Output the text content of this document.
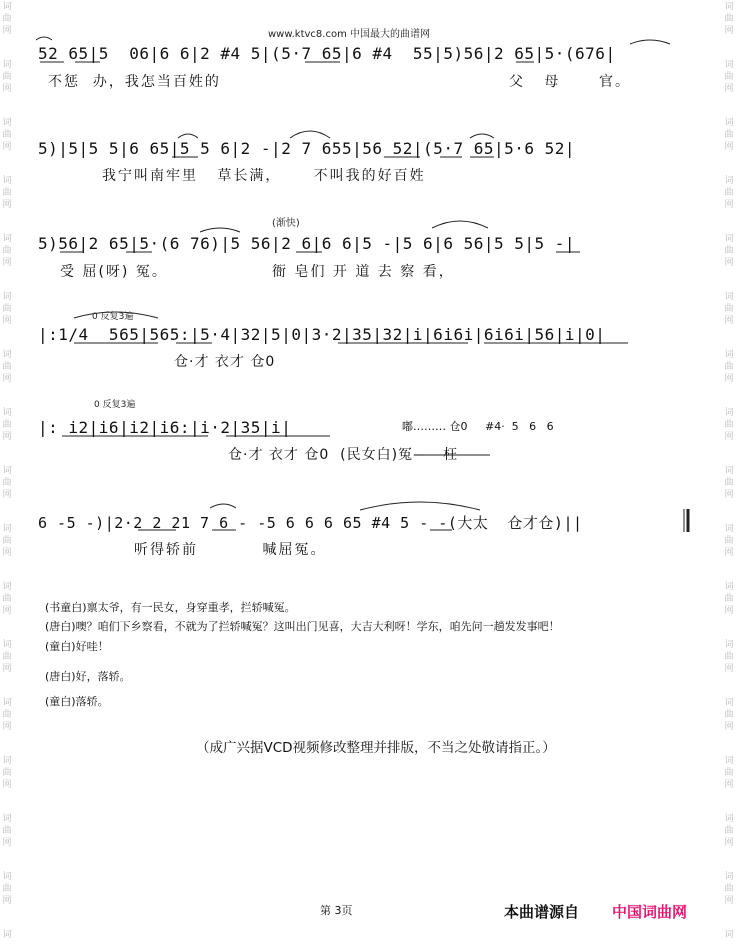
词
曲
网
词
曲
网
词
曲
网
词
曲
网
词
曲
网
词
曲
网
词
曲
网
词
曲
网
词
曲
网
词
曲
网
词
曲
网
词
曲
网
词
曲
网
词
曲
网
词
曲
网
词
曲
网
词
词
曲
网
词
曲
网
词
曲
网
词
曲
网
词
曲
网
词
曲
网
词
曲
网
词
曲
网
词
曲
网
词
曲
网
词
曲
网
词
曲
网
词
曲
网
词
曲
网
词
曲
网
词
曲
网
词
www.ktvc8.com 中国最大的曲谱网
52 65|5  06|6 6|2 #4 5|(5·7 65|6 #4  55|5)56|2 65|5·(676|
不惩  办，我怎当百姓的	父   母      官。
5)|5|5 5|6 65|5 5 6|2 -|2 7 655|56 52|(5·7 65|5·6 52|
我宁叫南牢里   草长满，     不叫我的好百姓
(渐快)
5)56|2 65|5·(6 76)|5 56|2 6|6 6|5 -|5 6|6 56|5 5|5 -|
受 屈(呀) 冤。	衙 皂们 开 道 去 察 看，
0 反复3遍
|:1/4  565|565:|5·4|32|5|0|3·2|35|32|i|6i6i|6i6i|56|i|0|
仓·才 衣才 仓0
0 反复3遍
|: i2|i6|i2|i6:|i·2|35|i|	嘟……… 仓0     #4·  5   6   6
仓·才 衣才 仓0  (民女白)冤——枉——
6 -5 -)|2·2 2 21 7 6 - -5 6 6 6 65 #4 5 - -(大太  仓才仓)||
听得轿前          喊屈冤。
(书童白)禀太爷，有一民女，身穿重孝，拦轿喊冤。
(唐白)噢？咱们下乡察看，不就为了拦轿喊冤？这叫出门见喜，大吉大利呀！学东，咱先问一趟发发事吧！
(童白)好哇！
(唐白)好，落轿。
(童白)落轿。
（成广兴据VCD视频修改整理并排版，不当之处敬请指正。）
第 3页	本曲谱源自 中国词曲网
